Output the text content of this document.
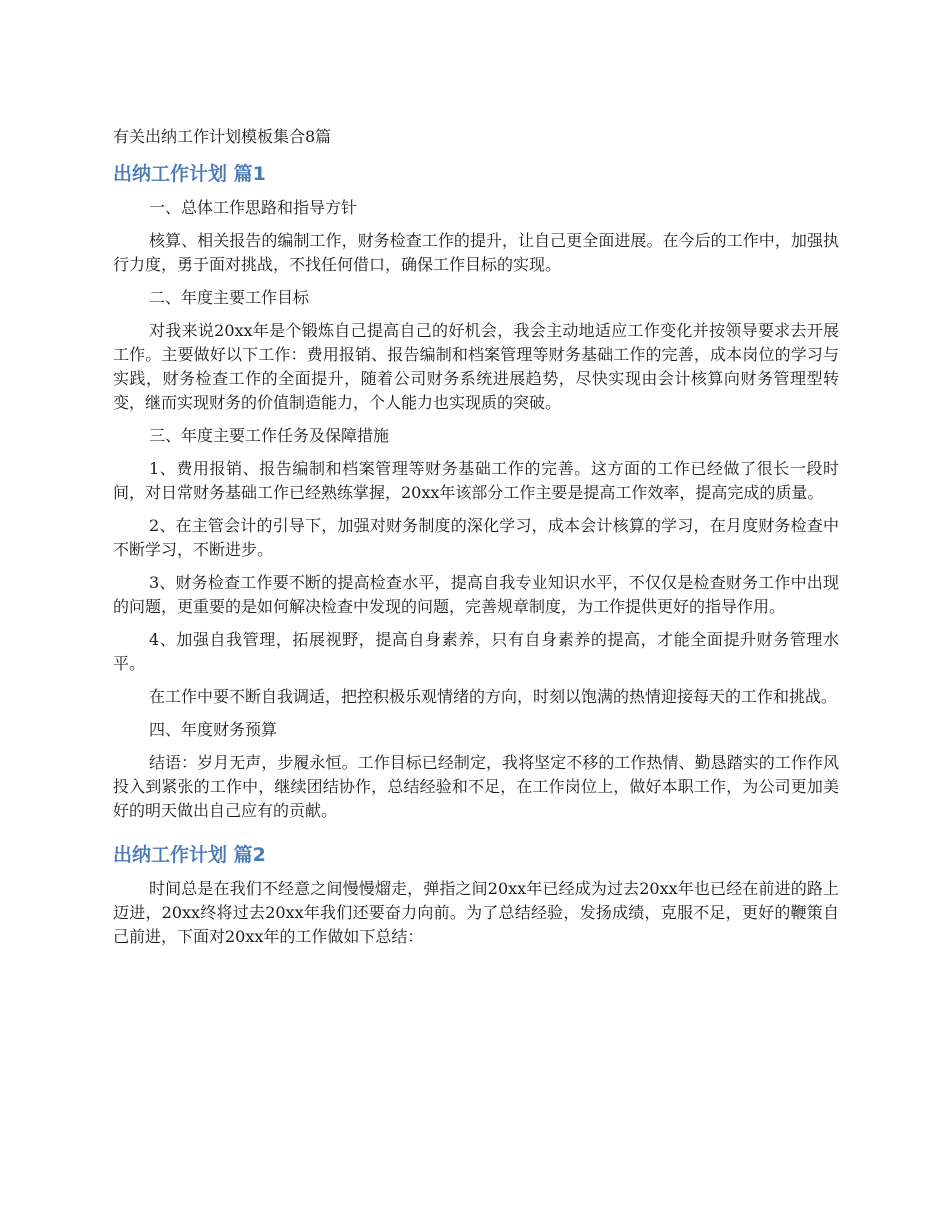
有关出纳工作计划模板集合8篇
出纳工作计划 篇1

一、总体工作思路和指导方针

核算、相关报告的编制工作，财务检查工作的提升，让自己更全面进展。在今后的工作中，加强执行力度，勇于面对挑战，不找任何借口，确保工作目标的实现。

二、年度主要工作目标

对我来说20xx年是个锻炼自己提高自己的好机会，我会主动地适应工作变化并按领导要求去开展工作。主要做好以下工作：费用报销、报告编制和档案管理等财务基础工作的完善，成本岗位的学习与实践，财务检查工作的全面提升，随着公司财务系统进展趋势，尽快实现由会计核算向财务管理型转变，继而实现财务的价值制造能力，个人能力也实现质的突破。

三、年度主要工作任务及保障措施

1、费用报销、报告编制和档案管理等财务基础工作的完善。这方面的工作已经做了很长一段时间，对日常财务基础工作已经熟练掌握，20xx年该部分工作主要是提高工作效率，提高完成的质量。

2、在主管会计的引导下，加强对财务制度的深化学习，成本会计核算的学习，在月度财务检查中不断学习，不断进步。

3、财务检查工作要不断的提高检查水平，提高自我专业知识水平，不仅仅是检查财务工作中出现的问题，更重要的是如何解决检查中发现的问题，完善规章制度，为工作提供更好的指导作用。

4、加强自我管理，拓展视野，提高自身素养，只有自身素养的提高，才能全面提升财务管理水平。

在工作中要不断自我调适，把控积极乐观情绪的方向，时刻以饱满的热情迎接每天的工作和挑战。

四、年度财务预算

结语：岁月无声，步履永恒。工作目标已经制定，我将坚定不移的工作热情、勤恳踏实的工作作风投入到紧张的工作中，继续团结协作，总结经验和不足，在工作岗位上，做好本职工作，为公司更加美好的明天做出自己应有的贡献。

出纳工作计划 篇2

时间总是在我们不经意之间慢慢熘走，弹指之间20xx年已经成为过去20xx年也已经在前进的路上迈进，20xx终将过去20xx年我们还要奋力向前。为了总结经验，发扬成绩，克服不足，更好的鞭策自己前进，下面对20xx年的工作做如下总结：
